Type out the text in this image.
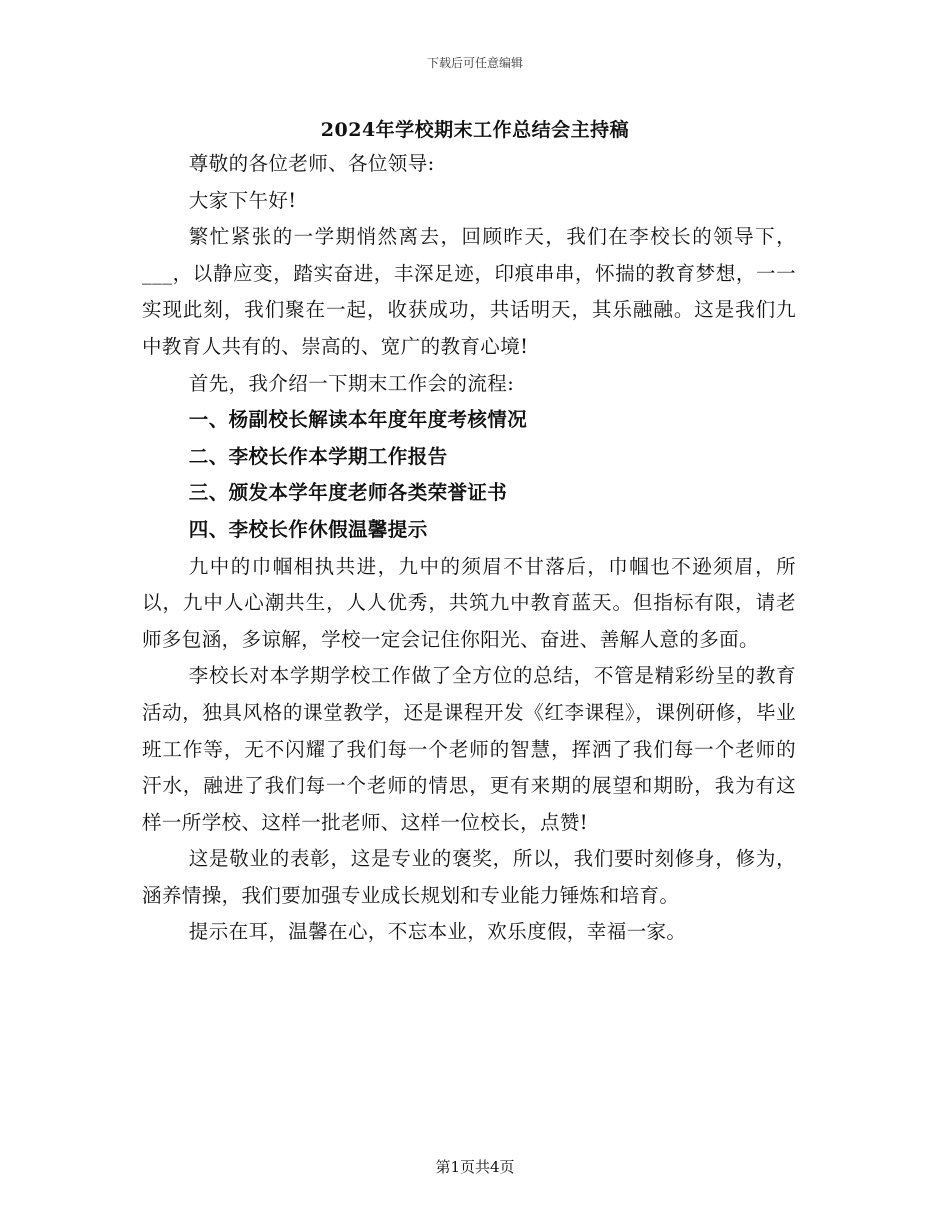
下载后可任意编辑
2024年学校期末工作总结会主持稿

尊敬的各位老师、各位领导:

大家下午好!

繁忙紧张的一学期悄然离去，回顾昨天，我们在李校长的领导下，___，以静应变，踏实奋进，丰深足迹，印痕串串，怀揣的教育梦想，一一实现此刻，我们聚在一起，收获成功，共话明天，其乐融融。这是我们九中教育人共有的、崇高的、宽广的教育心境!

首先，我介绍一下期末工作会的流程:

一、杨副校长解读本年度年度考核情况

二、李校长作本学期工作报告

三、颁发本学年度老师各类荣誉证书

四、李校长作休假温馨提示

九中的巾帼相执共进，九中的须眉不甘落后，巾帼也不逊须眉，所以，九中人心潮共生，人人优秀，共筑九中教育蓝天。但指标有限，请老师多包涵，多谅解，学校一定会记住你阳光、奋进、善解人意的多面。

李校长对本学期学校工作做了全方位的总结，不管是精彩纷呈的教育活动，独具风格的课堂教学，还是课程开发《红李课程》，课例研修，毕业班工作等，无不闪耀了我们每一个老师的智慧，挥洒了我们每一个老师的汗水，融进了我们每一个老师的情思，更有来期的展望和期盼，我为有这样一所学校、这样一批老师、这样一位校长，点赞!

这是敬业的表彰，这是专业的褒奖，所以，我们要时刻修身，修为，涵养情操，我们要加强专业成长规划和专业能力锤炼和培育。

提示在耳，温馨在心，不忘本业，欢乐度假，幸福一家。

第1页共4页
